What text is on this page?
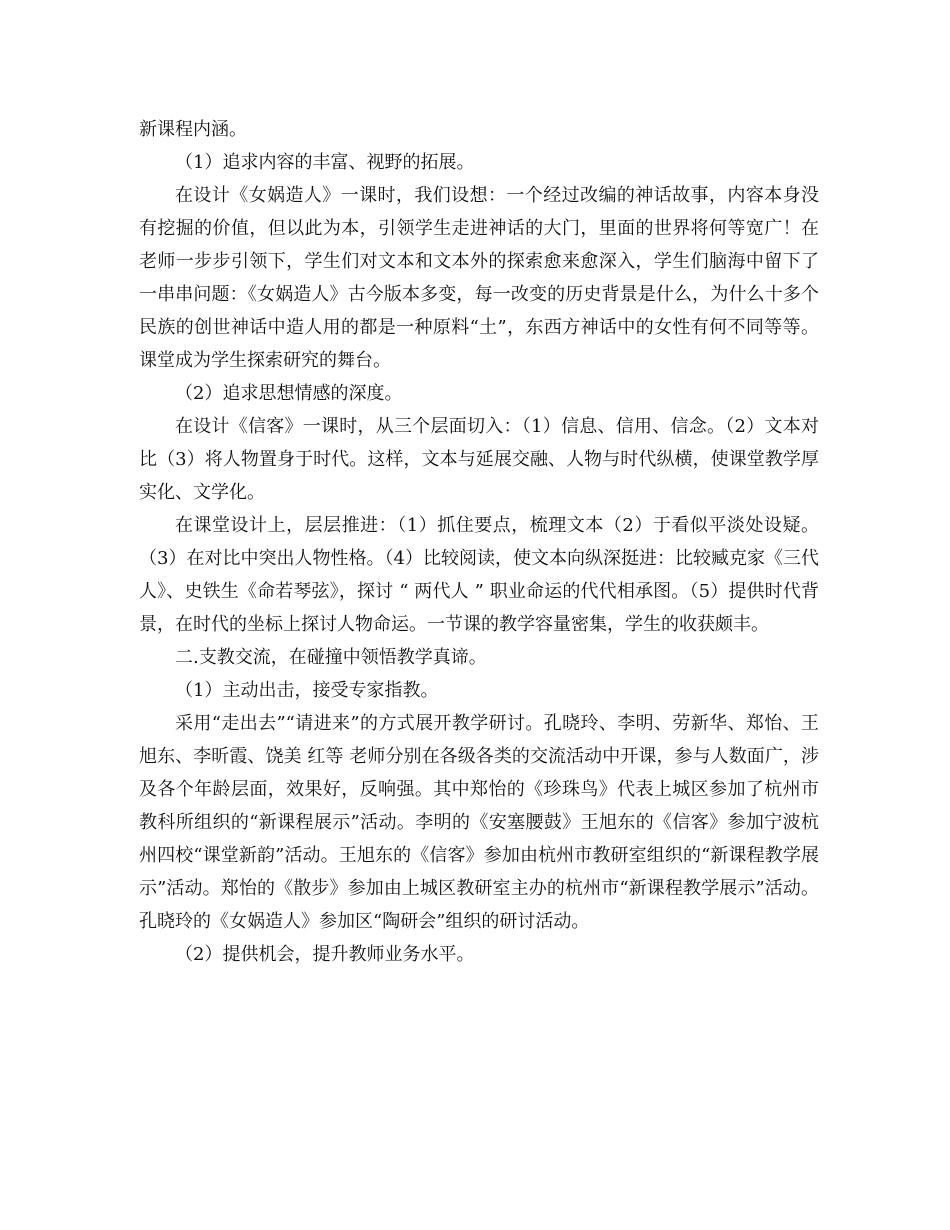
新课程内涵。

（1）追求内容的丰富、视野的拓展。

在设计《女娲造人》一课时，我们设想：一个经过改编的神话故事，内容本身没有挖掘的价值，但以此为本，引领学生走进神话的大门，里面的世界将何等宽广！在老师一步步引领下，学生们对文本和文本外的探索愈来愈深入，学生们脑海中留下了一串串问题：《女娲造人》古今版本多变，每一改变的历史背景是什么，为什么十多个民族的创世神话中造人用的都是一种原料“土”，东西方神话中的女性有何不同等等。课堂成为学生探索研究的舞台。

（2）追求思想情感的深度。

在设计《信客》一课时，从三个层面切入：（1）信息、信用、信念。（2）文本对比（3）将人物置身于时代。这样，文本与延展交融、人物与时代纵横，使课堂教学厚实化、文学化。

在课堂设计上，层层推进：（1）抓住要点，梳理文本（2）于看似平淡处设疑。（3）在对比中突出人物性格。（4）比较阅读，使文本向纵深挺进：比较臧克家《三代人》、史铁生《命若琴弦》，探讨 “ 两代人 ” 职业命运的代代相承图。（5）提供时代背景，在时代的坐标上探讨人物命运。一节课的教学容量密集，学生的收获颇丰。

二.支教交流，在碰撞中领悟教学真谛。

（1）主动出击，接受专家指教。

采用“走出去”“请进来”的方式展开教学研讨。孔晓玲、李明、劳新华、郑怡、王旭东、李昕霞、饶美 红等 老师分别在各级各类的交流活动中开课，参与人数面广，涉及各个年龄层面，效果好，反响强。其中郑怡的《珍珠鸟》代表上城区参加了杭州市教科所组织的“新课程展示”活动。李明的《安塞腰鼓》王旭东的《信客》参加宁波杭州四校“课堂新韵”活动。王旭东的《信客》参加由杭州市教研室组织的“新课程教学展示”活动。郑怡的《散步》参加由上城区教研室主办的杭州市“新课程教学展示”活动。孔晓玲的《女娲造人》参加区“陶研会”组织的研讨活动。

（2）提供机会，提升教师业务水平。
